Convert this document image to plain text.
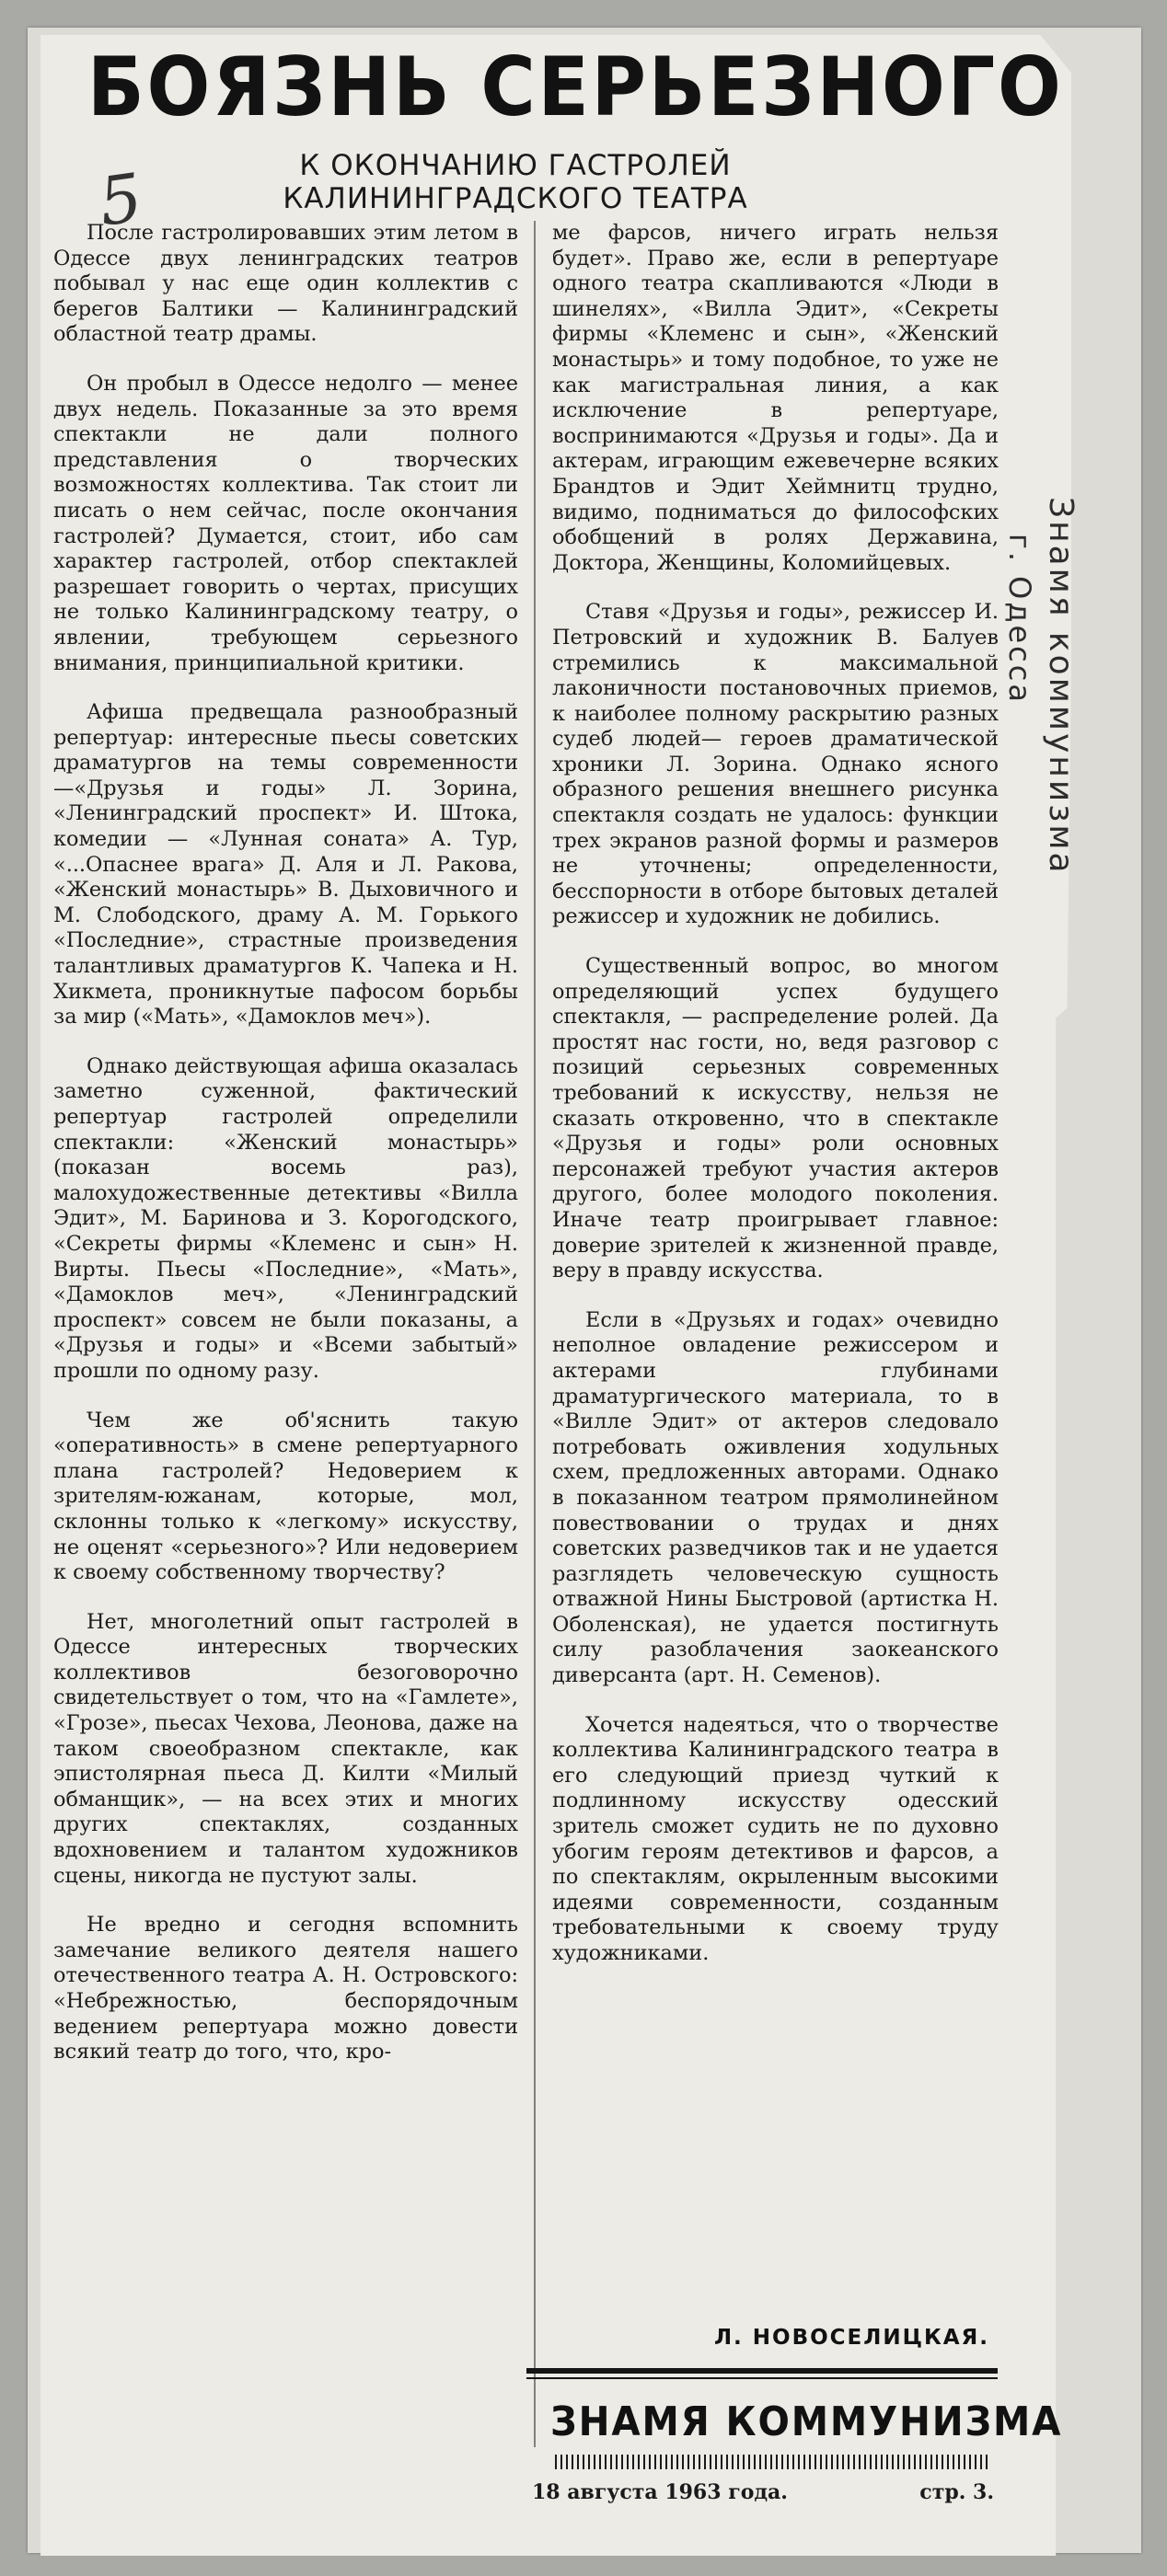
БОЯЗНЬ СЕРЬЕЗНОГО
К ОКОНЧАНИЮ ГАСТРОЛЕЙ
КАЛИНИНГРАДСКОГО ТЕАТРА
5

После гастролировавших этим летом в Одессе двух ленинградских театров побывал у нас еще один коллектив с берегов Балтики — Калининградский областной театр драмы.

Он пробыл в Одессе недолго — менее двух недель. Показанные за это время спектакли не дали полного представления о творческих возможностях коллектива. Так стоит ли писать о нем сейчас, после окончания гастролей? Думается, стоит, ибо сам характер гастролей, отбор спектаклей разрешает говорить о чертах, присущих не только Калининградскому театру, о явлении, требующем серьезного внимания, принципиальной критики.

Афиша предвещала разнообразный репертуар: интересные пьесы советских драматургов на темы современности—«Друзья и годы» Л. Зорина, «Ленинградский проспект» И. Штока, комедии — «Лунная соната» А. Тур, «...Опаснее врага» Д. Аля и Л. Ракова, «Женский монастырь» В. Дыховичного и М. Слободского, драму А. М. Горького «Последние», страстные произведения талантливых драматургов К. Чапека и Н. Хикмета, проникнутые пафосом борьбы за мир («Мать», «Дамоклов меч»).

Однако действующая афиша оказалась заметно суженной, фактический репертуар гастролей определили спектакли: «Женский монастырь» (показан восемь раз), малохудожественные детективы «Вилла Эдит», М. Баринова и З. Корогодского, «Секреты фирмы «Клеменс и сын» Н. Вирты. Пьесы «Последние», «Мать», «Дамоклов меч», «Ленинградский проспект» совсем не были показаны, а «Друзья и годы» и «Всеми забытый» прошли по одному разу.

Чем же об'яснить такую «оперативность» в смене репертуарного плана гастролей? Недоверием к зрителям-южанам, которые, мол, склонны только к «легкому» искусству, не оценят «серьезного»? Или недоверием к своему собственному творчеству?

Нет, многолетний опыт гастролей в Одессе интересных творческих коллективов безоговорочно свидетельствует о том, что на «Гамлете», «Грозе», пьесах Чехова, Леонова, даже на таком своеобразном спектакле, как эпистолярная пьеса Д. Килти «Милый обманщик», — на всех этих и многих других спектаклях, созданных вдохновением и талантом художников сцены, никогда не пустуют залы.

Не вредно и сегодня вспомнить замечание великого деятеля нашего отечественного театра А. Н. Островского: «Небрежностью, беспорядочным ведением репертуара можно довести всякий театр до того, что, кро-

ме фарсов, ничего играть нельзя будет». Право же, если в репертуаре одного театра скапливаются «Люди в шинелях», «Вилла Эдит», «Секреты фирмы «Клеменс и сын», «Женский монастырь» и тому подобное, то уже не как магистральная линия, а как исключение в репертуаре, воспринимаются «Друзья и годы». Да и актерам, играющим ежевечерне всяких Брандтов и Эдит Хеймнитц трудно, видимо, подниматься до философских обобщений в ролях Державина, Доктора, Женщины, Коломийцевых.

Ставя «Друзья и годы», режиссер И. Петровский и художник В. Балуев стремились к максимальной лаконичности постановочных приемов, к наиболее полному раскрытию разных судеб людей— героев драматической хроники Л. Зорина. Однако ясного образного решения внешнего рисунка спектакля создать не удалось: функции трех экранов разной формы и размеров не уточнены; определенности, бесспорности в отборе бытовых деталей режиссер и художник не добились.

Существенный вопрос, во многом определяющий успех будущего спектакля, — распределение ролей. Да простят нас гости, но, ведя разговор с позиций серьезных современных требований к искусству, нельзя не сказать откровенно, что в спектакле «Друзья и годы» роли основных персонажей требуют участия актеров другого, более молодого поколения. Иначе театр проигрывает главное: доверие зрителей к жизненной правде, веру в правду искусства.

Если в «Друзьях и годах» очевидно неполное овладение режиссером и актерами глубинами драматургического материала, то в «Вилле Эдит» от актеров следовало потребовать оживления ходульных схем, предложенных авторами. Однако в показанном театром прямолинейном повествовании о трудах и днях советских разведчиков так и не удается разглядеть человеческую сущность отважной Нины Быстровой (артистка Н. Оболенская), не удается постигнуть силу разоблачения заокеанского диверсанта (арт. Н. Семенов).

Хочется надеяться, что о творчестве коллектива Калининградского театра в его следующий приезд чуткий к подлинному искусству одесский зритель сможет судить не по духовно убогим героям детективов и фарсов, а по спектаклям, окрыленным высокими идеями современности, созданным требовательными к своему труду художниками.

Л. НОВОСЕЛИЦКАЯ.
ЗНАМЯ КОММУНИЗМА
18 августа 1963 года.	стр. 3.
Знамя коммунизма
г. Одесса
